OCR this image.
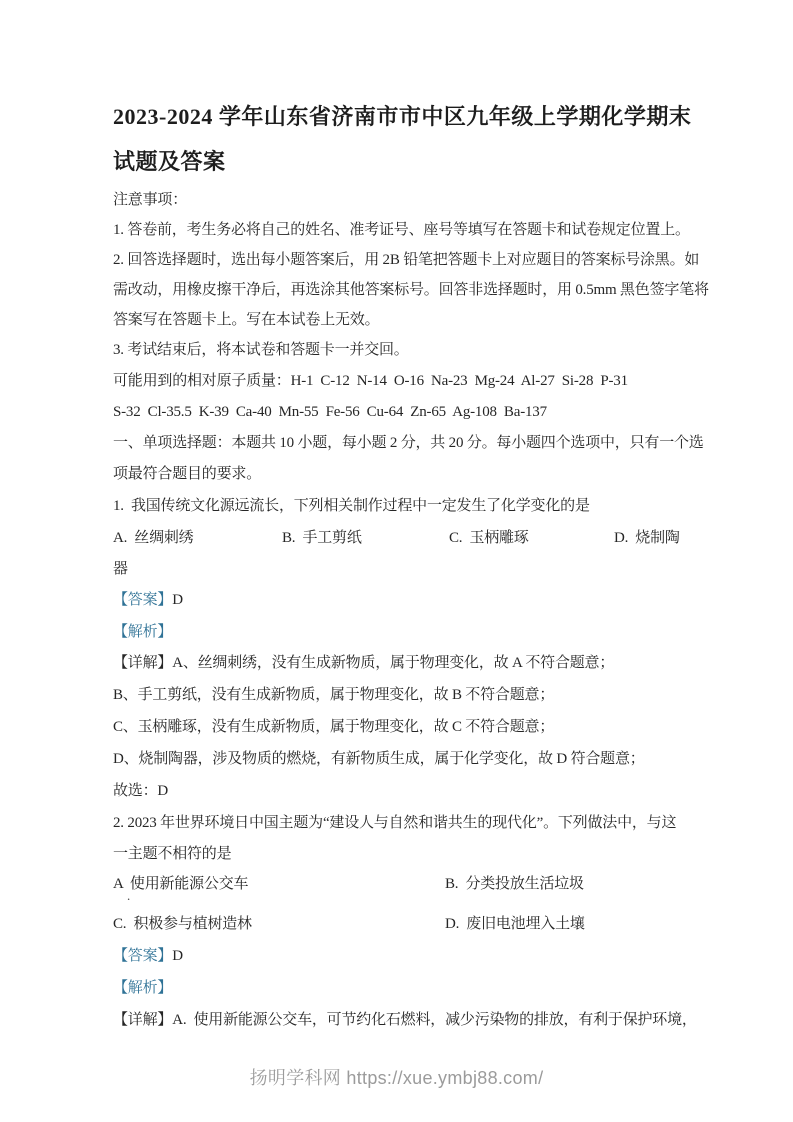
2023-2024 学年山东省济南市市中区九年级上学期化学期末
试题及答案
注意事项：
1. 答卷前，考生务必将自己的姓名、准考证号、座号等填写在答题卡和试卷规定位置上。
2. 回答选择题时，选出每小题答案后，用 2B 铅笔把答题卡上对应题目的答案标号涂黑。如
需改动，用橡皮擦干净后，再选涂其他答案标号。回答非选择题时，用 0.5mm 黑色签字笔将
答案写在答题卡上。写在本试卷上无效。
3. 考试结束后，将本试卷和答题卡一并交回。
可能用到的相对原子质量：H-1  C-12  N-14  O-16  Na-23  Mg-24  Al-27  Si-28  P-31
S-32  Cl-35.5  K-39  Ca-40  Mn-55  Fe-56  Cu-64  Zn-65  Ag-108  Ba-137
一、单项选择题：本题共 10 小题，每小题 2 分，共 20 分。每小题四个选项中，只有一个选
项最符合题目的要求。
1.  我国传统文化源远流长，下列相关制作过程中一定发生了化学变化的是
A.  丝绸刺绣	B.  手工剪纸	C.  玉柄雕琢	D.  烧制陶
器
【答案】D
【解析】
【详解】A、丝绸刺绣，没有生成新物质，属于物理变化，故 A 不符合题意；
B、手工剪纸，没有生成新物质，属于物理变化，故 B 不符合题意；
C、玉柄雕琢，没有生成新物质，属于物理变化，故 C 不符合题意；
D、烧制陶器，涉及物质的燃烧，有新物质生成，属于化学变化，故 D 符合题意；
故选：D
2. 2023 年世界环境日中国主题为“建设人与自然和谐共生的现代化”。下列做法中，与这
一主题不相符的是
A  使用新能源公交车	B.  分类投放生活垃圾
.
C.  积极参与植树造林	D.  废旧电池埋入土壤
【答案】D
【解析】
【详解】A.  使用新能源公交车，可节约化石燃料，减少污染物的排放，有利于保护环境，
扬明学科网 https://xue.ymbj88.com/
